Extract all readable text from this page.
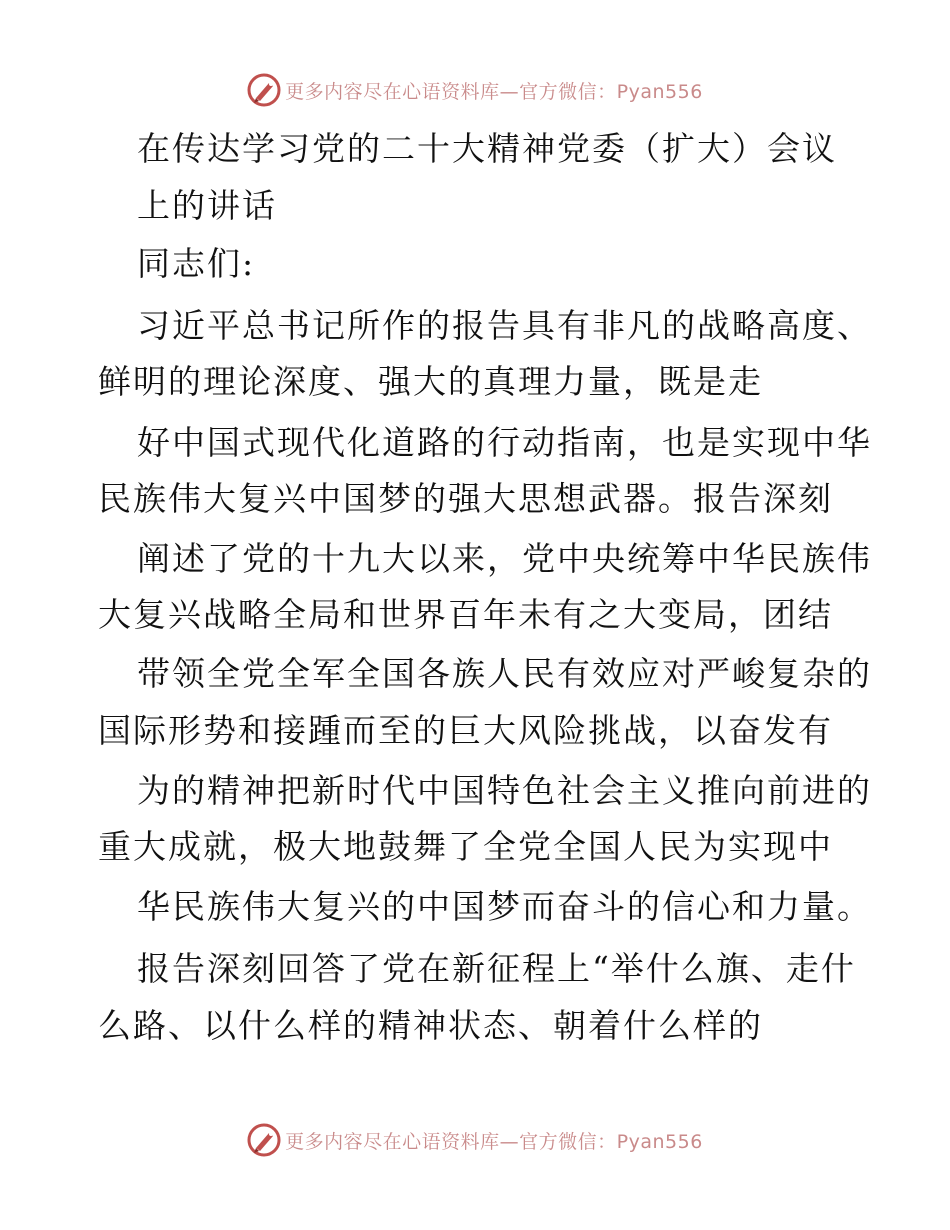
更多内容尽在心语资料库—官方微信：Pyan556
在传达学习党的二十大精神党委（扩大）会议
上的讲话
同志们:
习近平总书记所作的报告具有非凡的战略高度、
鲜明的理论深度、强大的真理力量，既是走
好中国式现代化道路的行动指南，也是实现中华
民族伟大复兴中国梦的强大思想武器。报告深刻
阐述了党的十九大以来，党中央统筹中华民族伟
大复兴战略全局和世界百年未有之大变局，团结
带领全党全军全国各族人民有效应对严峻复杂的
国际形势和接踵而至的巨大风险挑战，以奋发有
为的精神把新时代中国特色社会主义推向前进的
重大成就，极大地鼓舞了全党全国人民为实现中
华民族伟大复兴的中国梦而奋斗的信心和力量。
报告深刻回答了党在新征程上“举什么旗、走什
么路、以什么样的精神状态、朝着什么样的
更多内容尽在心语资料库—官方微信：Pyan556
